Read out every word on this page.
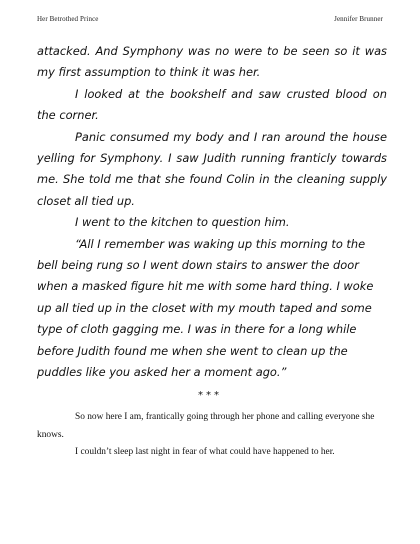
Her Betrothed Prince	Jennifer Brunner

attacked. And Symphony was no were to be seen so it was my first assumption to think it was her.

I looked at the bookshelf and saw crusted blood on the corner.

Panic consumed my body and I ran around the house yelling for Symphony. I saw Judith running franticly towards me. She told me that she found Colin in the cleaning supply closet all tied up.

I went to the kitchen to question him.

“All I remember was waking up this morning to the bell being rung so I went down stairs to answer the door when a masked figure hit me with some hard thing. I woke up all tied up in the closet with my mouth taped and some type of cloth gagging me. I was in there for a long while before Judith found me when she went to clean up the puddles like you asked her a moment ago.”

***

So now here I am, frantically going through her phone and calling everyone she knows.

I couldn’t sleep last night in fear of what could have happened to her.
